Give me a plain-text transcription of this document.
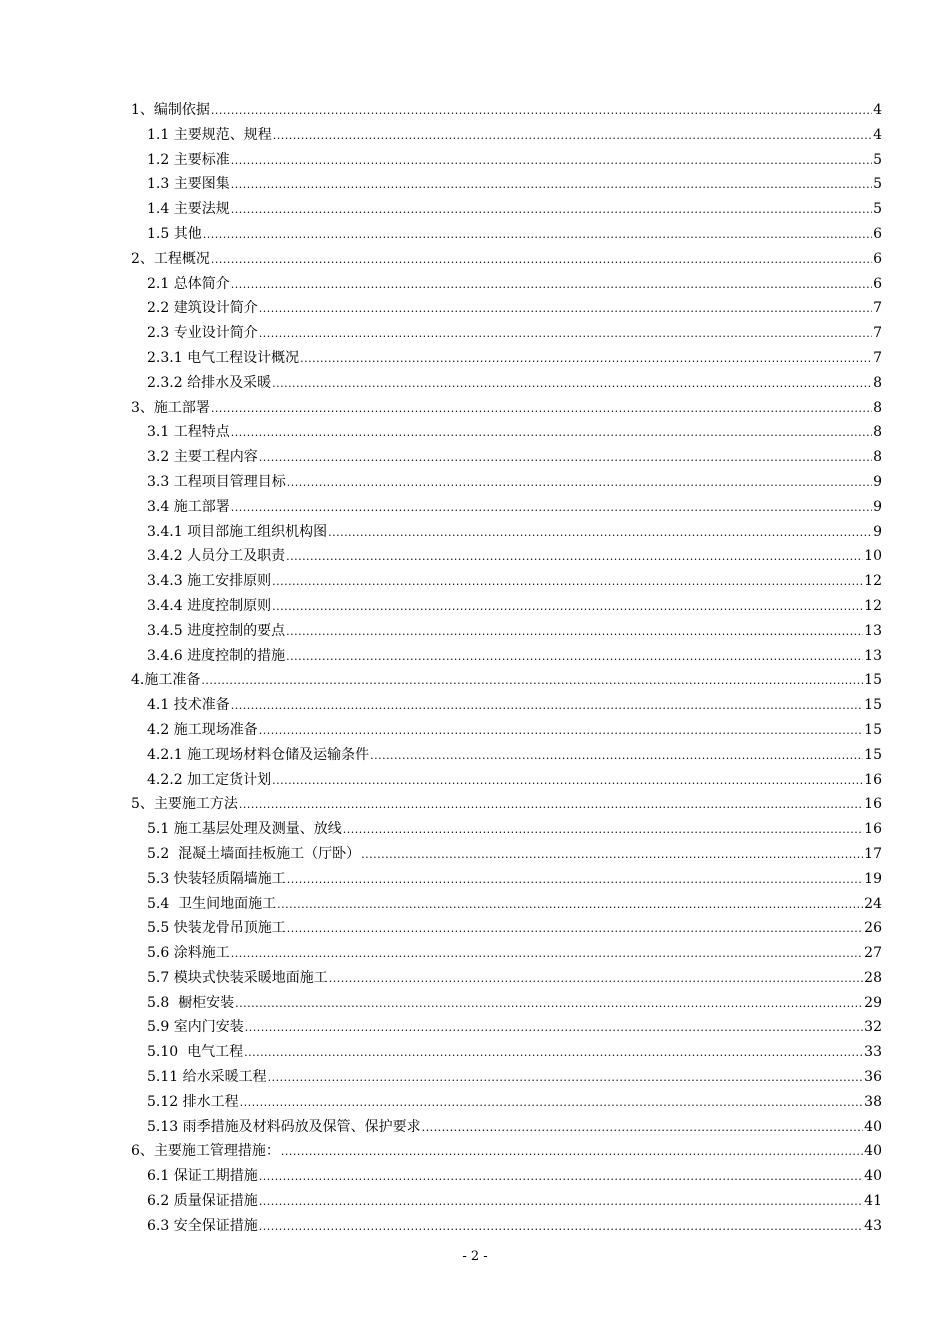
1、编制依据 .....	4
1.1 主要规范、规程 .....	4
1.2 主要标准 .....	5
1.3 主要图集 .....	5
1.4 主要法规 .....	5
1.5 其他 .....	6
2、工程概况 .....	6
2.1 总体简介 .....	6
2.2 建筑设计简介 .....	7
2.3 专业设计简介 .....	7
2.3.1 电气工程设计概况 .....	7
2.3.2 给排水及采暖 .....	8
3、施工部署 .....	8
3.1 工程特点 .....	8
3.2 主要工程内容 .....	8
3.3 工程项目管理目标 .....	9
3.4 施工部署 .....	9
3.4.1 项目部施工组织机构图 .....	9
3.4.2 人员分工及职责 .....	10
3.4.3 施工安排原则 .....	12
3.4.4 进度控制原则 .....	12
3.4.5 进度控制的要点 .....	13
3.4.6 进度控制的措施 .....	13
4.施工准备 .....	15
4.1 技术准备 .....	15
4.2 施工现场准备 .....	15
4.2.1 施工现场材料仓储及运输条件 .....	15
4.2.2 加工定货计划 .....	16
5、主要施工方法 .....	16
5.1 施工基层处理及测量、放线 .....	16
5.2  混凝土墙面挂板施工（厅卧） .....	17
5.3 快装轻质隔墙施工 .....	19
5.4  卫生间地面施工 .....	24
5.5 快装龙骨吊顶施工 .....	26
5.6 涂料施工 .....	27
5.7 模块式快装采暖地面施工 .....	28
5.8  橱柜安装 .....	29
5.9 室内门安装 .....	32
5.10  电气工程 .....	33
5.11 给水采暖工程 .....	36
5.12 排水工程 .....	38
5.13 雨季措施及材料码放及保管、保护要求 .....	40
6、主要施工管理措施： .....	40
6.1 保证工期措施 .....	40
6.2 质量保证措施 .....	41
6.3 安全保证措施 .....	43
- 2 -
